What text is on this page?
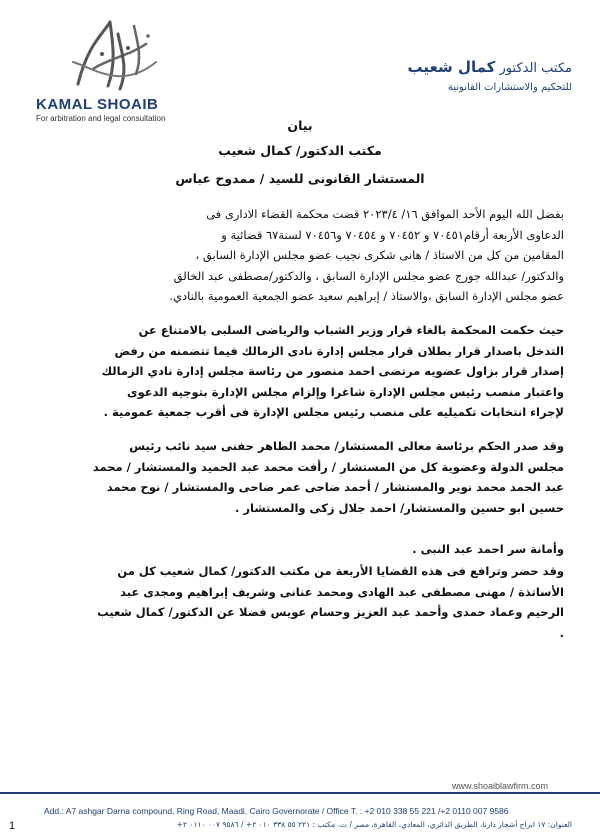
KAMAL SHOAIB
For arbitration and legal consultation
مكتب الدكتور كمال شعيب
للتحكيم والاستشارات القانونية
بيان
مكتب الدكتور/ كمال شعيب
المستشار القانونى للسيد / ممدوح عباس
بفضل الله اليوم الأحد الموافق ١٦/ ٢٠٢٣/٤ قضت محكمة القضاء الادارى فى
الدعاوى الأربعة أرقام٧٠٤٥١ و ٧٠٤٥٢ و ٧٠٤٥٤ و٧٠٤٥٦ لسنة٦٧ قضائية و
المقامين من كل من الاستاذ / هانى شكرى نجيب عضو مجلس الإدارة السابق ،
والدكتور/ عبدالله جورج عضو مجلس الإدارة السابق ، والدكتور/مصطفى عبد الخالق
عضو مجلس الإدارة السابق ،والاستاذ / إبراهيم سعيد عضو الجمعية العمومية بالنادي.
حيث حكمت المحكمة بالغاء قرار وزير الشباب والرياضى السلبى بالامتناع عن
التدخل باصدار قرار بطلان قرار مجلس إدارة نادى الزمالك فيما تتضمنه من رفض
إصدار قرار بزاول عضويه مرتضى احمد منصور من رئاسة مجلس إدارة نادي الزمالك
واعتبار منصب رئيس مجلس الإدارة شاغرا وإلزام مجلس الإدارة بتوجيه الدعوى
لإجراء انتخابات تكميليه على منصب رئيس مجلس الإدارة فى أقرب جمعية عمومية .
وقد صدر الحكم برئاسة معالى المستشار/ محمد الطاهر حفنى سيد نائب رئيس
مجلس الدولة وعضوية كل من المستشار / رأفت محمد عبد الحميد والمستشار / محمد
عبد الحمد محمد نوير والمستشار / أحمد ضاحى عمر ضاحى والمستشار / نوح محمد
حسين ابو حسين والمستشار/ احمد جلال زكى والمستشار .
وأمانة سر احمد عبد النبى .
وقد حضر وترافع فى هذه القضايا الأربعة من مكتب الدكتور/ كمال شعيب كل من
الأساتذة / مهنى مصطفى عبد الهادى ومحمد عنانى وشريف إبراهيم ومجدى عبد
الرحيم وعماد حمدى وأحمد عبد العزيز وحسام عويس فضلا عن الدكتور/ كمال شعيب
.
www.shoaiblawfirm.com
Add.: A7 ashgar Darna compound, Ring Road, Maadi, Cairo Governorate / Office T. : +2 010 338 55 221 /+2 0110 007 9586
العنوان: ١٧ ابراج أشجار دارنا، الطريق الدائري، المعادي، القاهرة، مصر / ت. مكتب : ٢٢١ ٥٥ ٣٣٨ ٠١٠ ٢+ / ٩٥٨٦ ٠٠٧ ٠١١٠ ٢+
1
